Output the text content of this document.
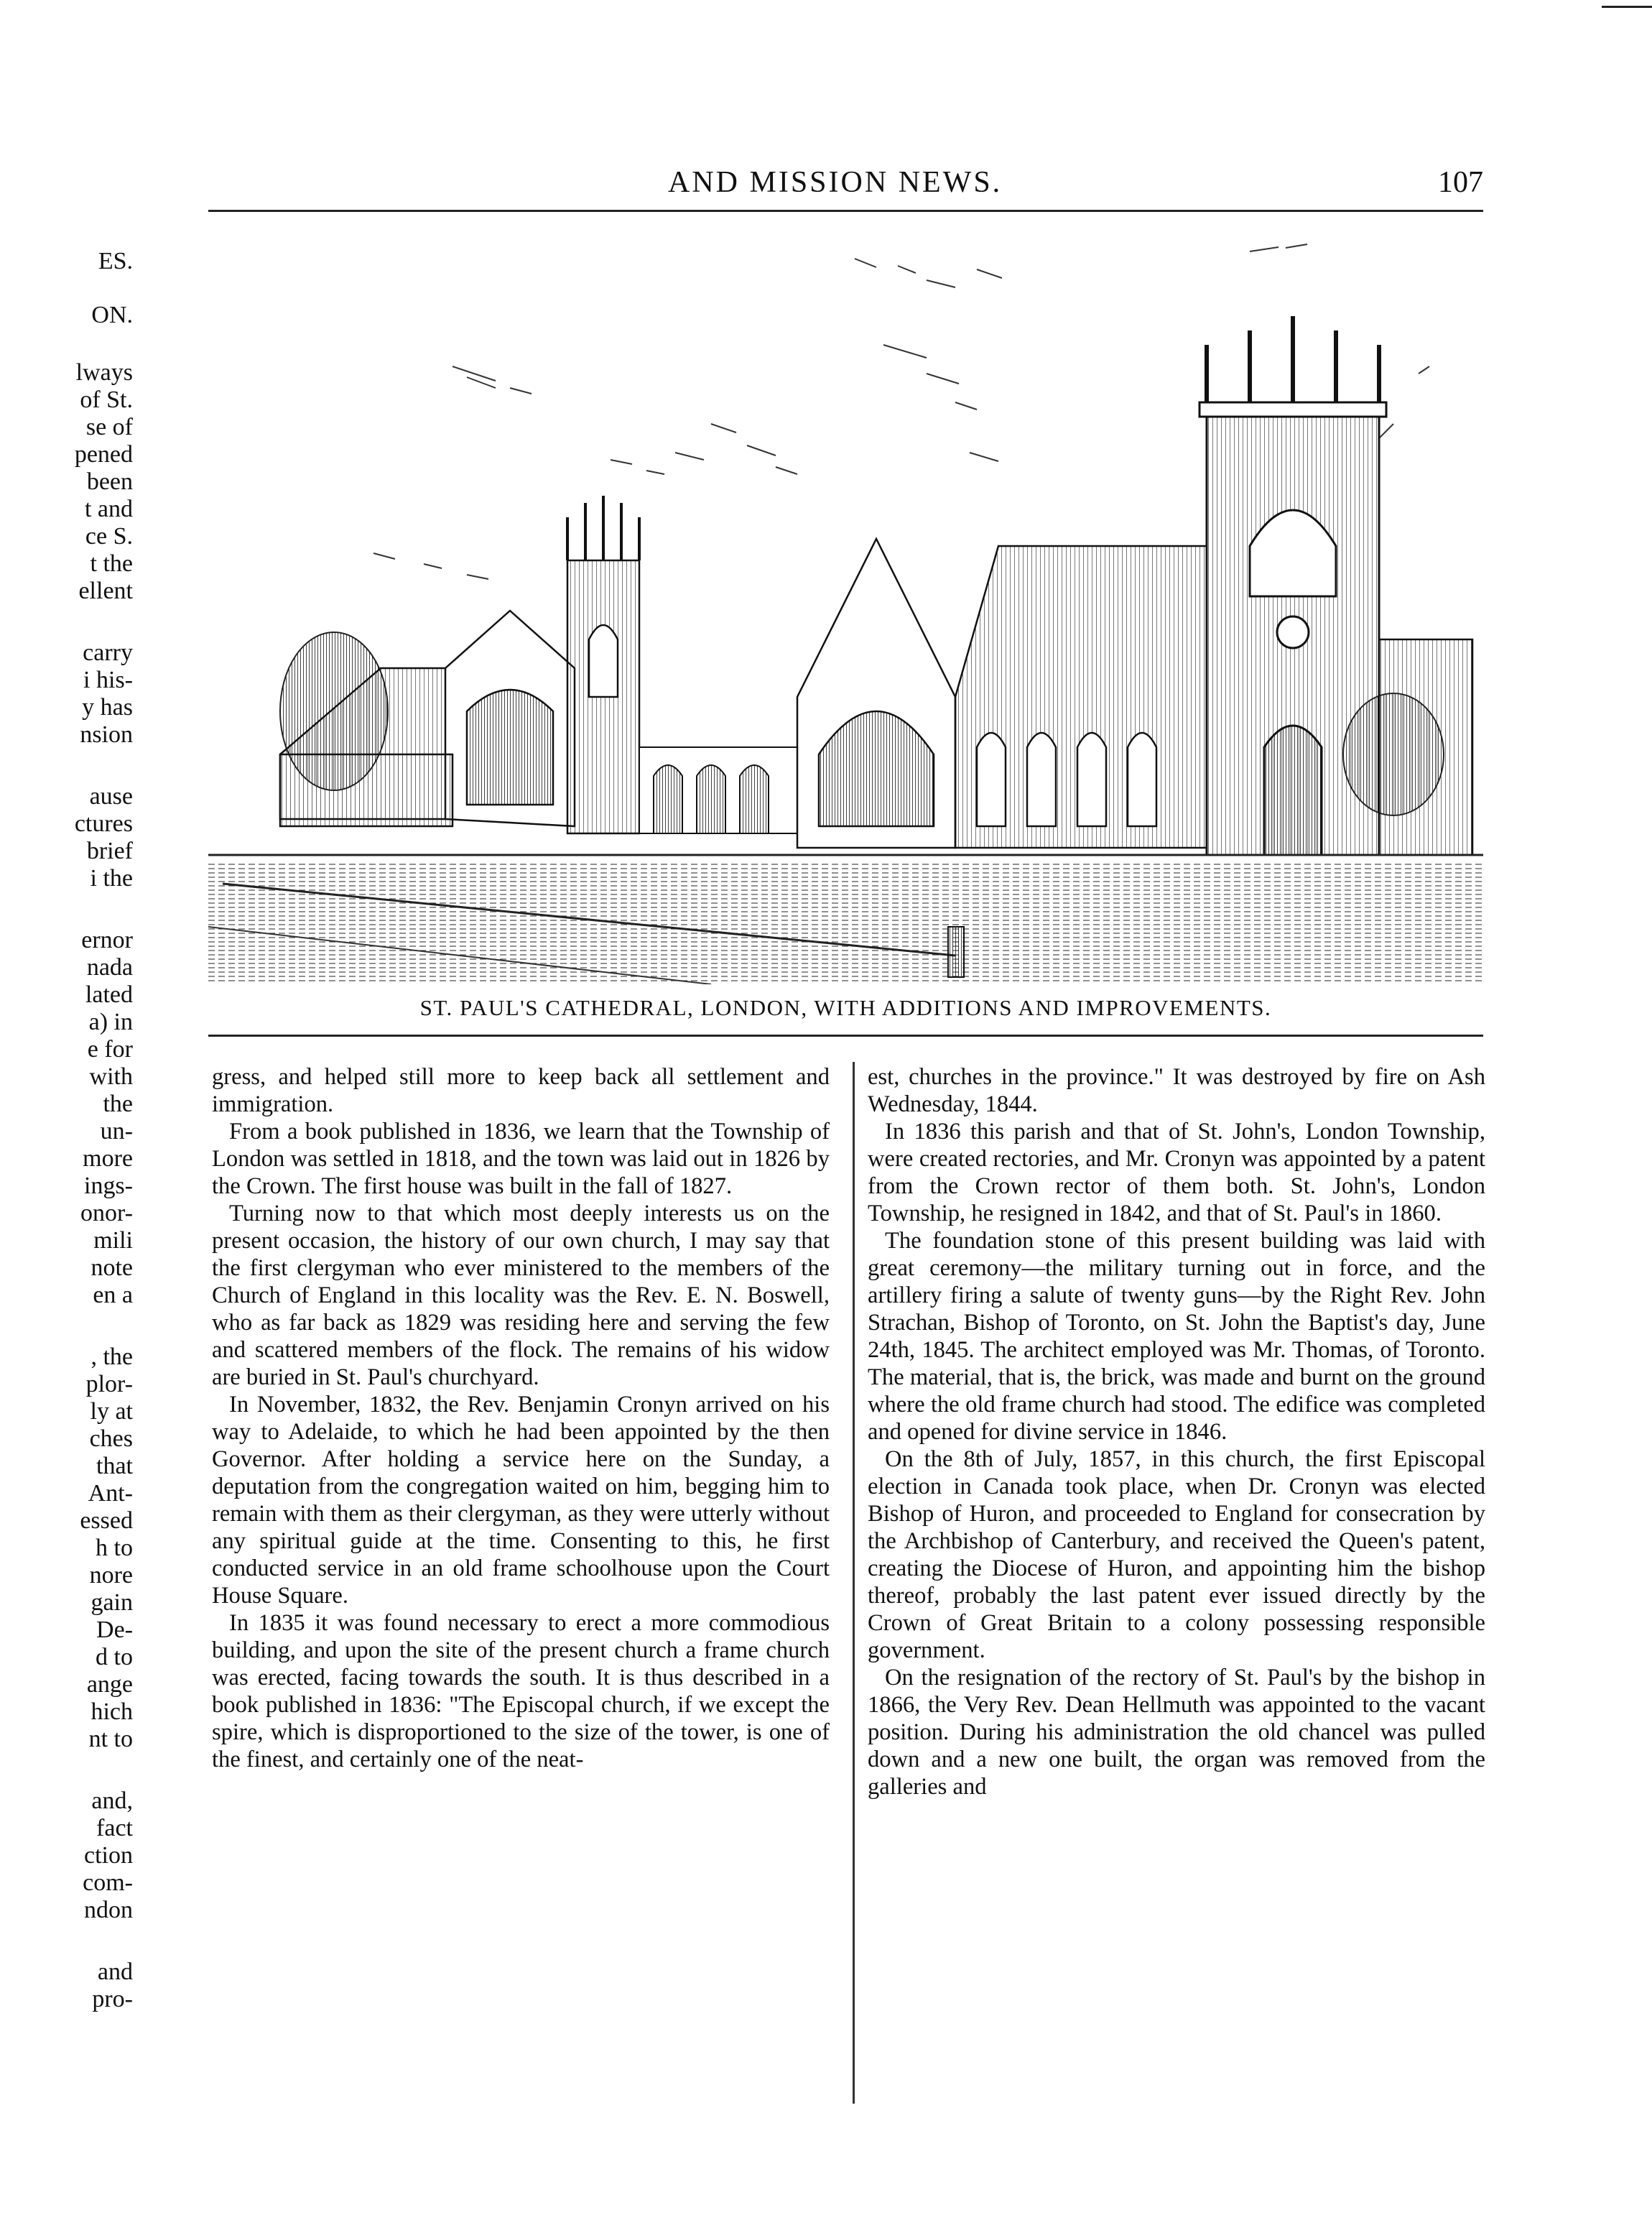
AND MISSION NEWS.	107
ES.
ON.
lways
of St.
se of
pened
been
t and
ce S.
t the
ellent
carry
i his-
y has
nsion
ause
ctures
brief
i the
ernor
nada
lated
a) in
e for
with
the
un-
more
ings-
onor-
mili
note
en a
, the
plor-
ly at
ches
that
Ant-
essed
h to
nore
gain
De-
d to
ange
hich
nt to
and,
fact
ction
com-
ndon
and
pro-
ST. PAUL'S CATHEDRAL, LONDON, WITH ADDITIONS AND IMPROVEMENTS.

gress, and helped still more to keep back all settlement and immigration.

From a book published in 1836, we learn that the Township of London was settled in 1818, and the town was laid out in 1826 by the Crown. The first house was built in the fall of 1827.

Turning now to that which most deeply interests us on the present occasion, the history of our own church, I may say that the first clergyman who ever ministered to the members of the Church of England in this locality was the Rev. E. N. Boswell, who as far back as 1829 was residing here and serving the few and scattered members of the flock. The remains of his widow are buried in St. Paul's churchyard.

In November, 1832, the Rev. Benjamin Cronyn arrived on his way to Adelaide, to which he had been appointed by the then Governor. After holding a service here on the Sunday, a deputation from the congregation waited on him, begging him to remain with them as their clergyman, as they were utterly without any spiritual guide at the time. Consenting to this, he first conducted service in an old frame schoolhouse upon the Court House Square.

In 1835 it was found necessary to erect a more commodious building, and upon the site of the present church a frame church was erected, facing towards the south. It is thus described in a book published in 1836: "The Episcopal church, if we except the spire, which is disproportioned to the size of the tower, is one of the finest, and certainly one of the neat-

est, churches in the province." It was destroyed by fire on Ash Wednesday, 1844.

In 1836 this parish and that of St. John's, London Township, were created rectories, and Mr. Cronyn was appointed by a patent from the Crown rector of them both. St. John's, London Township, he resigned in 1842, and that of St. Paul's in 1860.

The foundation stone of this present building was laid with great ceremony—the military turning out in force, and the artillery firing a salute of twenty guns—by the Right Rev. John Strachan, Bishop of Toronto, on St. John the Baptist's day, June 24th, 1845. The architect employed was Mr. Thomas, of Toronto. The material, that is, the brick, was made and burnt on the ground where the old frame church had stood. The edifice was completed and opened for divine service in 1846.

On the 8th of July, 1857, in this church, the first Episcopal election in Canada took place, when Dr. Cronyn was elected Bishop of Huron, and proceeded to England for consecration by the Archbishop of Canterbury, and received the Queen's patent, creating the Diocese of Huron, and appointing him the bishop thereof, probably the last patent ever issued directly by the Crown of Great Britain to a colony possessing responsible government.

On the resignation of the rectory of St. Paul's by the bishop in 1866, the Very Rev. Dean Hellmuth was appointed to the vacant position. During his administration the old chancel was pulled down and a new one built, the organ was removed from the galleries and
